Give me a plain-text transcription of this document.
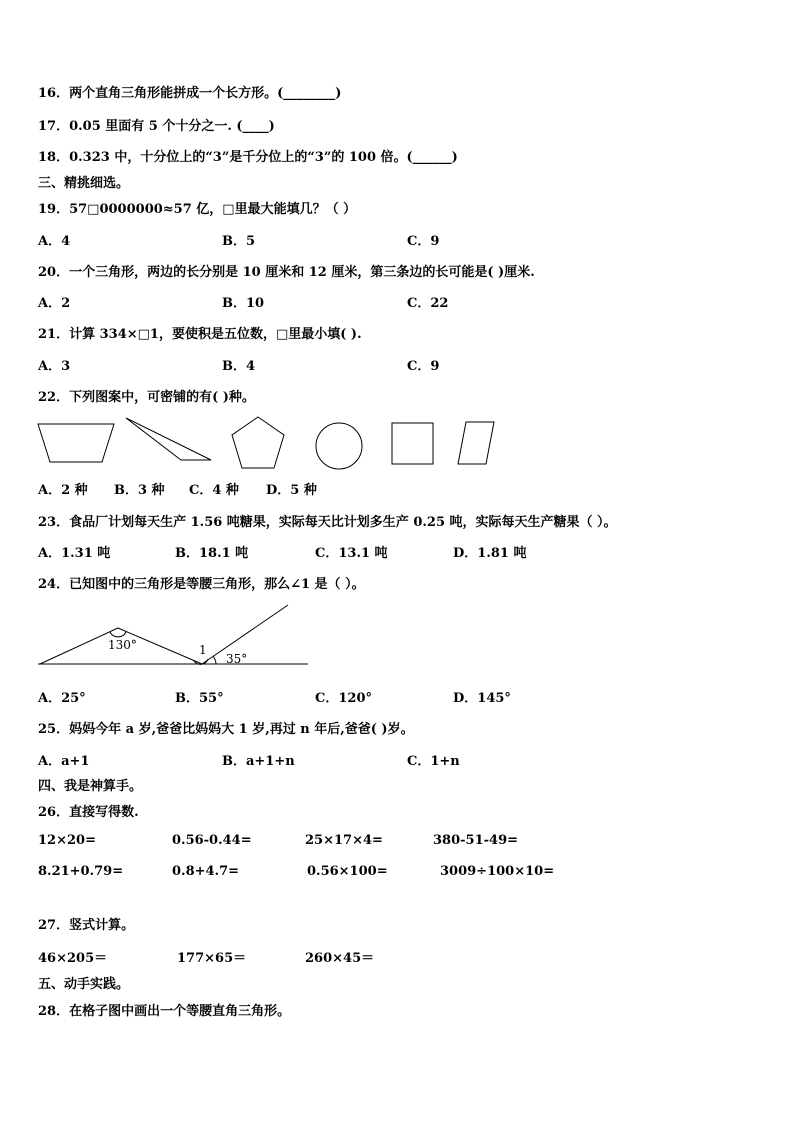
16．两个直角三角形能拼成一个长方形。(________)
17．0.05 里面有 5 个十分之一. (____)
18．0.323 中，十分位上的“3”是千分位上的“3”的 100 倍。(______)
三、精挑细选。
19．57□0000000≈57 亿，□里最大能填几？（ ）
A．4	B．5	C．9
20．一个三角形，两边的长分别是 10 厘米和 12 厘米，第三条边的长可能是( )厘米.
A．2	B．10	C．22
21．计算 334×□1，要使积是五位数，□里最小填( ).
A．3	B．4	C．9
22．下列图案中，可密铺的有( )种。
A．2 种 B．3 种 C．4 种 D．5 种
23．食品厂计划每天生产 1.56 吨糖果，实际每天比计划多生产 0.25 吨，实际每天生产糖果（ ）。
A．1.31 吨	B．18.1 吨	C．13.1 吨	D．1.81 吨
24．已知图中的三角形是等腰三角形，那么∠1 是（ ）。
130°	1
35°
A．25°	B．55°	C．120°	D．145°
25．妈妈今年 a 岁,爸爸比妈妈大 1 岁,再过 n 年后,爸爸( )岁。
A．a+1	B．a+1+n	C．1+n
四、我是神算手。
26．直接写得数.
12×20=	0.56-0.44=	25×17×4=	380-51-49=
8.21+0.79=	0.8+4.7=	0.56×100=	3009÷100×10=
27．竖式计算。
46×205＝	177×65＝	260×45＝
五、动手实践。
28．在格子图中画出一个等腰直角三角形。
